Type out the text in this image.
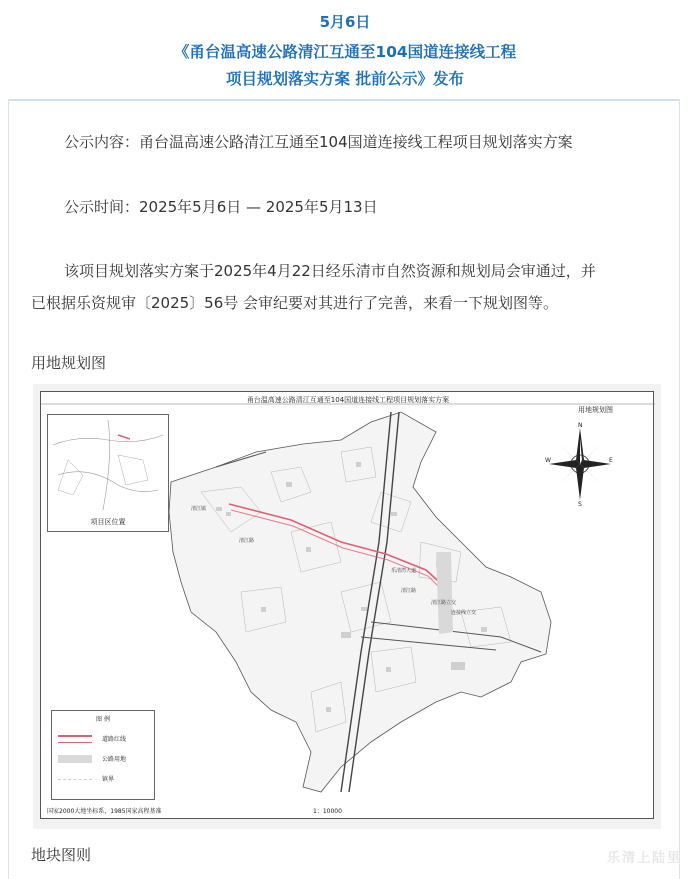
5月6日
《甬台温高速公路清江互通至104国道连接线工程
项目规划落实方案 批前公示》发布
公示内容：甬台温高速公路清江互通至104国道连接线工程项目规划落实方案
公示时间：2025年5月6日 — 2025年5月13日
该项目规划落实方案于2025年4月22日经乐清市自然资源和规划局会审通过，并
已根据乐资规审〔2025〕56号 会审纪要对其进行了完善，来看一下规划图等。
用地规划图
清江镇
清江路
乐清湾大道
清江路
清江路立交
连接线立交
甬台温高速公路清江互通至104国道连接线工程项目规划落实方案
用地规划图
项目区位置
N
S
W	E
图 例
道路红线
公路用地
镇界
国家2000大地坐标系，1985国家高程基准	1：10000
地块图则	乐清上陆里
